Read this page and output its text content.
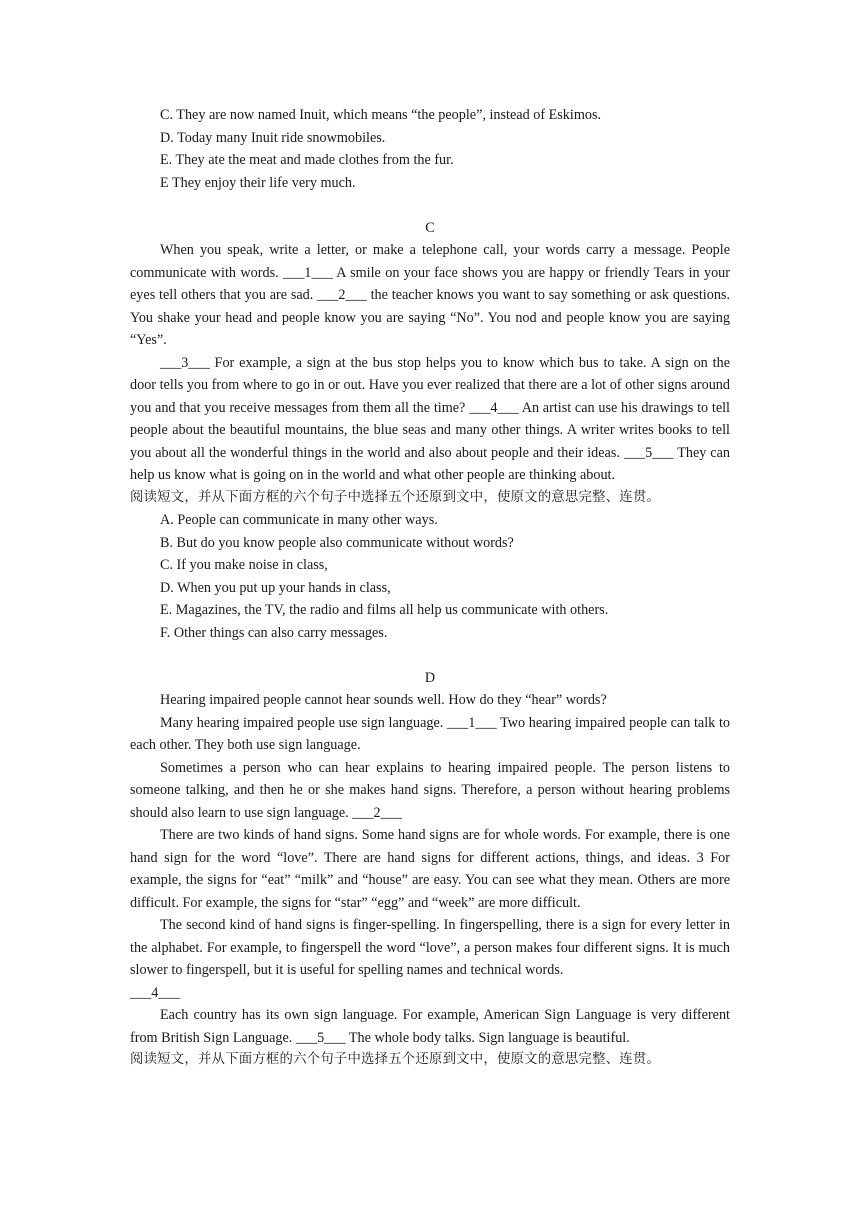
C. They are now named Inuit, which means “the people”, instead of Eskimos.

D. Today many Inuit ride snowmobiles.

E. They ate the meat and made clothes from the fur.

E They enjoy their life very much.

C

When you speak, write a letter, or make a telephone call, your words carry a message. People communicate with words. ___1___ A smile on your face shows you are happy or friendly Tears in your eyes tell others that you are sad. ___2___ the teacher knows you want to say something or ask questions. You shake your head and people know you are saying “No”. You nod and people know you are saying “Yes”.

___3___ For example, a sign at the bus stop helps you to know which bus to take. A sign on the door tells you from where to go in or out. Have you ever realized that there are a lot of other signs around you and that you receive messages from them all the time? ___4___ An artist can use his drawings to tell people about the beautiful mountains, the blue seas and many other things. A writer writes books to tell you about all the wonderful things in the world and also about people and their ideas. ___5___ They can help us know what is going on in the world and what other people are thinking about.

阅读短文，并从下面方框的六个句子中选择五个还原到文中，使原文的意思完整、连贯。

A. People can communicate in many other ways.

B. But do you know people also communicate without words?

C. If you make noise in class,

D. When you put up your hands in class,

E. Magazines, the TV, the radio and films all help us communicate with others.

F. Other things can also carry messages.

D

Hearing impaired people cannot hear sounds well. How do they “hear” words?

Many hearing impaired people use sign language. ___1___ Two hearing impaired people can talk to each other. They both use sign language.

Sometimes a person who can hear explains to hearing impaired people. The person listens to someone talking, and then he or she makes hand signs. Therefore, a person without hearing problems should also learn to use sign language. ___2___

There are two kinds of hand signs. Some hand signs are for whole words. For example, there is one hand sign for the word “love”. There are hand signs for different actions, things, and ideas. 3 For example, the signs for “eat” “milk” and “house” are easy. You can see what they mean. Others are more difficult. For example, the signs for “star” “egg” and “week” are more difficult.

The second kind of hand signs is finger-spelling. In fingerspelling, there is a sign for every letter in the alphabet. For example, to fingerspell the word “love”, a person makes four different signs. It is much slower to fingerspell, but it is useful for spelling names and technical words.

___4___

Each country has its own sign language. For example, American Sign Language is very different from British Sign Language. ___5___ The whole body talks. Sign language is beautiful.

阅读短文，并从下面方框的六个句子中选择五个还原到文中，使原文的意思完整、连贯。
